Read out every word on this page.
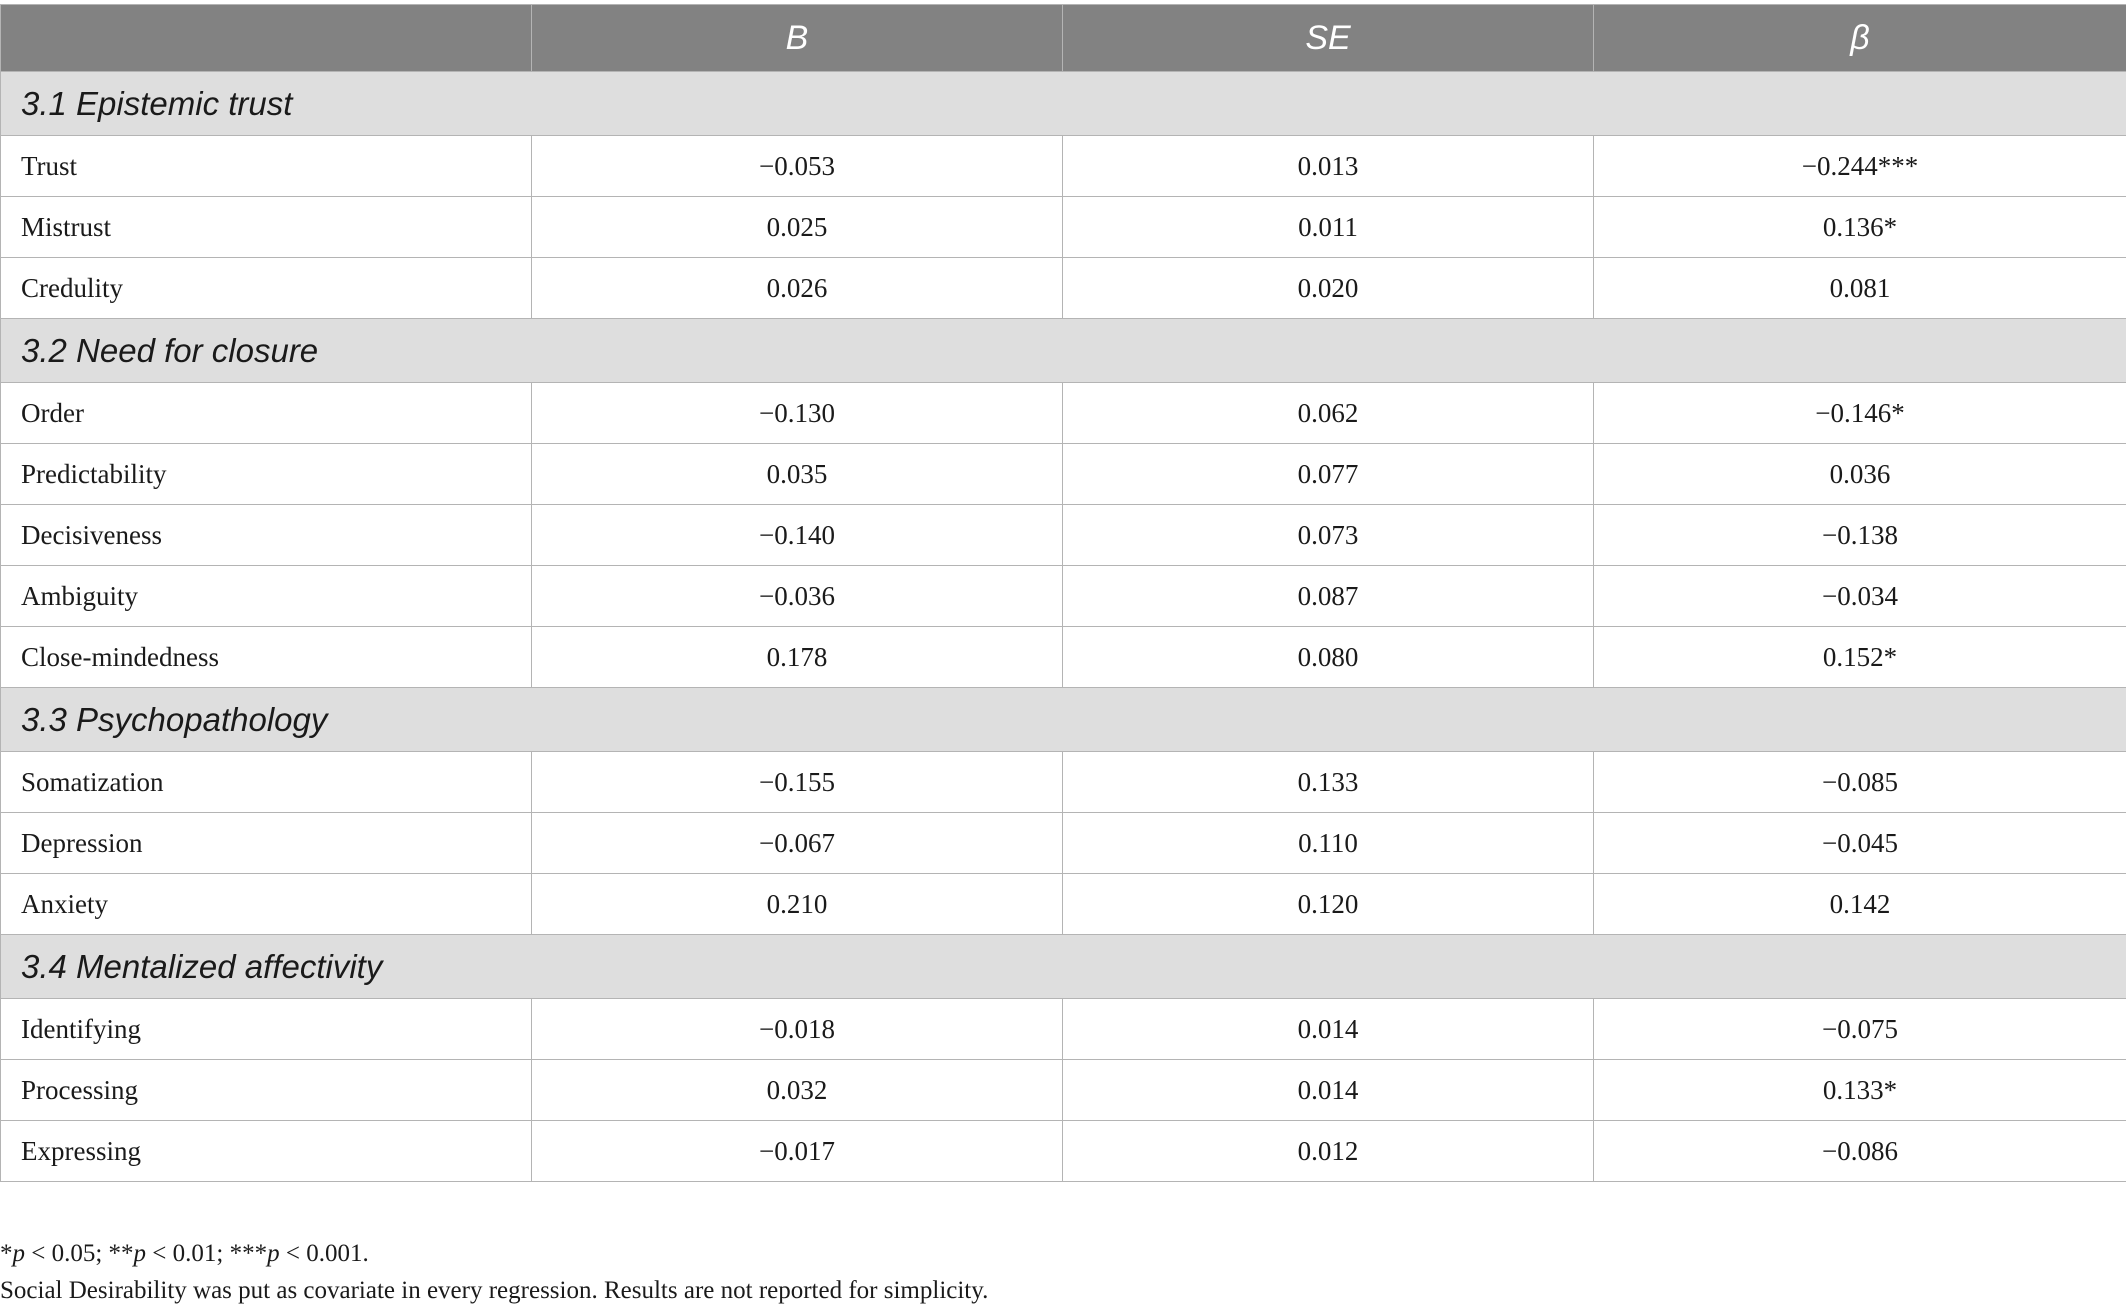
	B	SE	β
3.1 Epistemic trust			
Trust	−0.053	0.013	−0.244***
Mistrust	0.025	0.011	0.136*
Credulity	0.026	0.020	0.081
3.2 Need for closure			
Order	−0.130	0.062	−0.146*
Predictability	0.035	0.077	0.036
Decisiveness	−0.140	0.073	−0.138
Ambiguity	−0.036	0.087	−0.034
Close-mindedness	0.178	0.080	0.152*
3.3 Psychopathology			
Somatization	−0.155	0.133	−0.085
Depression	−0.067	0.110	−0.045
Anxiety	0.210	0.120	0.142
3.4 Mentalized affectivity			
Identifying	−0.018	0.014	−0.075
Processing	0.032	0.014	0.133*
Expressing	−0.017	0.012	−0.086
*p < 0.05; **p < 0.01; ***p < 0.001.
Social Desirability was put as covariate in every regression. Results are not reported for simplicity.
